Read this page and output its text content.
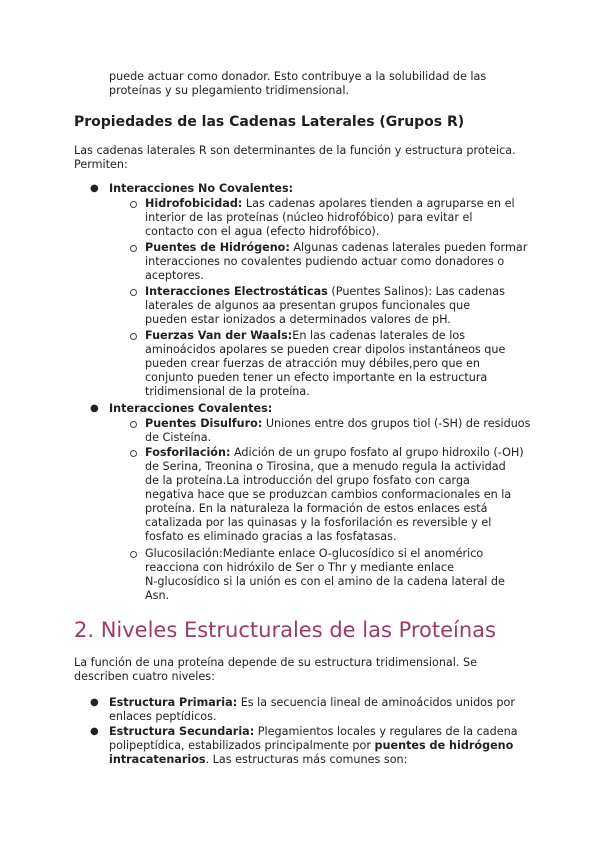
puede actuar como donador. Esto contribuye a la solubilidad de las
proteínas y su plegamiento tridimensional.
Propiedades de las Cadenas Laterales (Grupos R)
Las cadenas laterales R son determinantes de la función y estructura proteica.
Permiten:
● Interacciones No Covalentes:
Hidrofobicidad: Las cadenas apolares tienden a agruparse en el
interior de las proteínas (núcleo hidrofóbico) para evitar el
contacto con el agua (efecto hidrofóbico).
Puentes de Hidrógeno: Algunas cadenas laterales pueden formar
interacciones no covalentes pudiendo actuar como donadores o
aceptores.
Interacciones Electrostáticas (Puentes Salinos): Las cadenas
laterales de algunos aa presentan grupos funcionales que
pueden estar ionizados a determinados valores de pH.
Fuerzas Van der Waals:En las cadenas laterales de los
aminoácidos apolares se pueden crear dipolos instantáneos que
pueden crear fuerzas de atracción muy débiles,pero que en
conjunto pueden tener un efecto importante en la estructura
tridimensional de la proteína.
● Interacciones Covalentes:
Puentes Disulfuro: Uniones entre dos grupos tiol (-SH) de residuos
de Cisteína.
Fosforilación: Adición de un grupo fosfato al grupo hidroxilo (-OH)
de Serina, Treonina o Tirosina, que a menudo regula la actividad
de la proteína.La introducción del grupo fosfato con carga
negativa hace que se produzcan cambios conformacionales en la
proteína. En la naturaleza la formación de estos enlaces está
catalizada por las quinasas y la fosforilación es reversible y el
fosfato es eliminado gracias a las fosfatasas.
Glucosilación:Mediante enlace O-glucosídico si el anomérico
reacciona con hidróxilo de Ser o Thr y mediante enlace
N-glucosídico si la unión es con el amino de la cadena lateral de
Asn.
2. Niveles Estructurales de las Proteínas
La función de una proteína depende de su estructura tridimensional. Se
describen cuatro niveles:
● Estructura Primaria: Es la secuencia lineal de aminoácidos unidos por
enlaces peptídicos.
● Estructura Secundaria: Plegamientos locales y regulares de la cadena
polipeptídica, estabilizados principalmente por puentes de hidrógeno
intracatenarios. Las estructuras más comunes son:
